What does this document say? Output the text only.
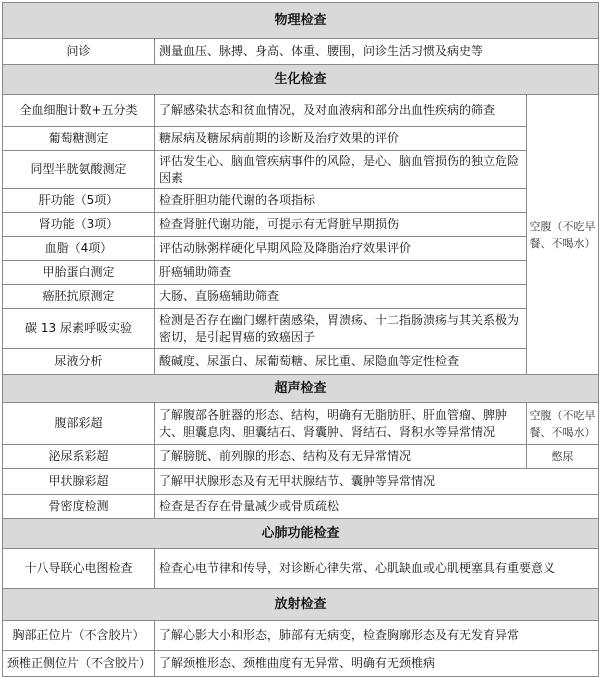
物理检查		
问诊	测量血压、脉搏、身高、体重、腰围，问诊生活习惯及病史等	
生化检查		
全血细胞计数+五分类	了解感染状态和贫血情况，及对血液病和部分出血性疾病的筛查	空腹（不吃早餐、不喝水）
葡萄糖测定	糖尿病及糖尿病前期的诊断及治疗效果的评价	
同型半胱氨酸测定	评估发生心、脑血管疾病事件的风险，是心、脑血管损伤的独立危险因素	
肝功能（5项）	检查肝胆功能代谢的各项指标	
肾功能（3项）	检查肾脏代谢功能，可提示有无肾脏早期损伤	
血脂（4项）	评估动脉粥样硬化早期风险及降脂治疗效果评价	
甲胎蛋白测定	肝癌辅助筛查	
癌胚抗原测定	大肠、直肠癌辅助筛查	
碳 13 尿素呼吸实验	检测是否存在幽门螺杆菌感染，胃溃疡、十二指肠溃疡与其关系极为密切，是引起胃癌的致癌因子	
尿液分析	酸碱度、尿蛋白、尿葡萄糖、尿比重、尿隐血等定性检查	
超声检查		
腹部彩超	了解腹部各脏器的形态、结构，明确有无脂肪肝、肝血管瘤、脾肿大、胆囊息肉、胆囊结石、肾囊肿、肾结石、肾积水等异常情况	空腹（不吃早餐、不喝水）
泌尿系彩超	了解膀胱、前列腺的形态、结构及有无异常情况	憋尿
甲状腺彩超	了解甲状腺形态及有无甲状腺结节、囊肿等异常情况	
骨密度检测	检查是否存在骨量减少或骨质疏松	
心肺功能检查		
十八导联心电图检查	检查心电节律和传导，对诊断心律失常、心肌缺血或心肌梗塞具有重要意义	
放射检查		
胸部正位片（不含胶片）	了解心影大小和形态，肺部有无病变，检查胸廓形态及有无发育异常	
颈椎正侧位片（不含胶片）	了解颈椎形态、颈椎曲度有无异常、明确有无颈椎病	
